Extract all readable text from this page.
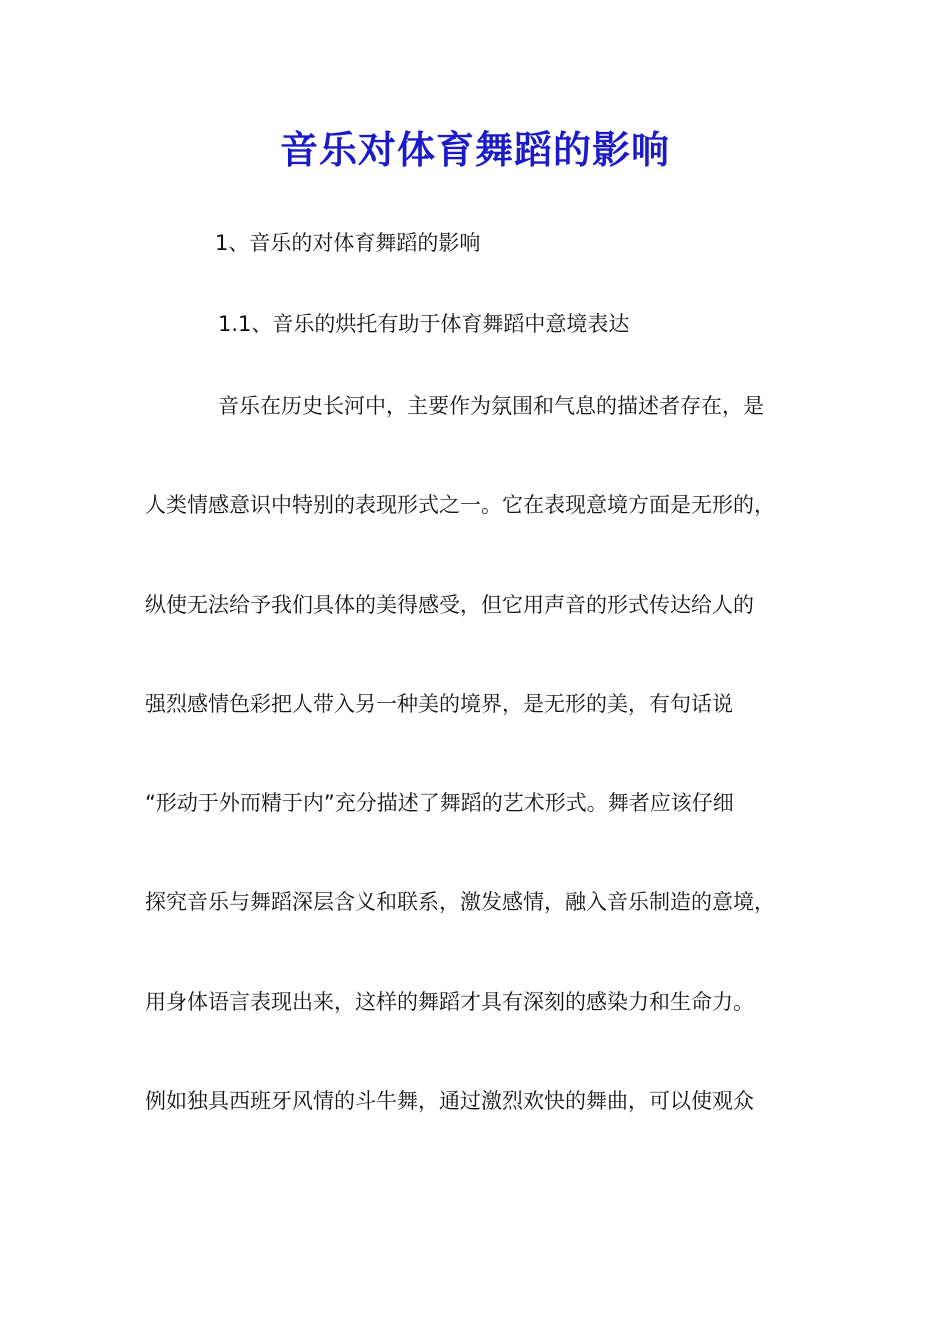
音乐对体育舞蹈的影响
1、音乐的对体育舞蹈的影响
1.1、音乐的烘托有助于体育舞蹈中意境表达
音乐在历史长河中，主要作为氛围和气息的描述者存在，是
人类情感意识中特别的表现形式之一。它在表现意境方面是无形的，
纵使无法给予我们具体的美得感受，但它用声音的形式传达给人的
强烈感情色彩把人带入另一种美的境界，是无形的美，有句话说
“形动于外而精于内”充分描述了舞蹈的艺术形式。舞者应该仔细
探究音乐与舞蹈深层含义和联系，激发感情，融入音乐制造的意境，
用身体语言表现出来，这样的舞蹈才具有深刻的感染力和生命力。
例如独具西班牙风情的斗牛舞，通过激烈欢快的舞曲，可以使观众
